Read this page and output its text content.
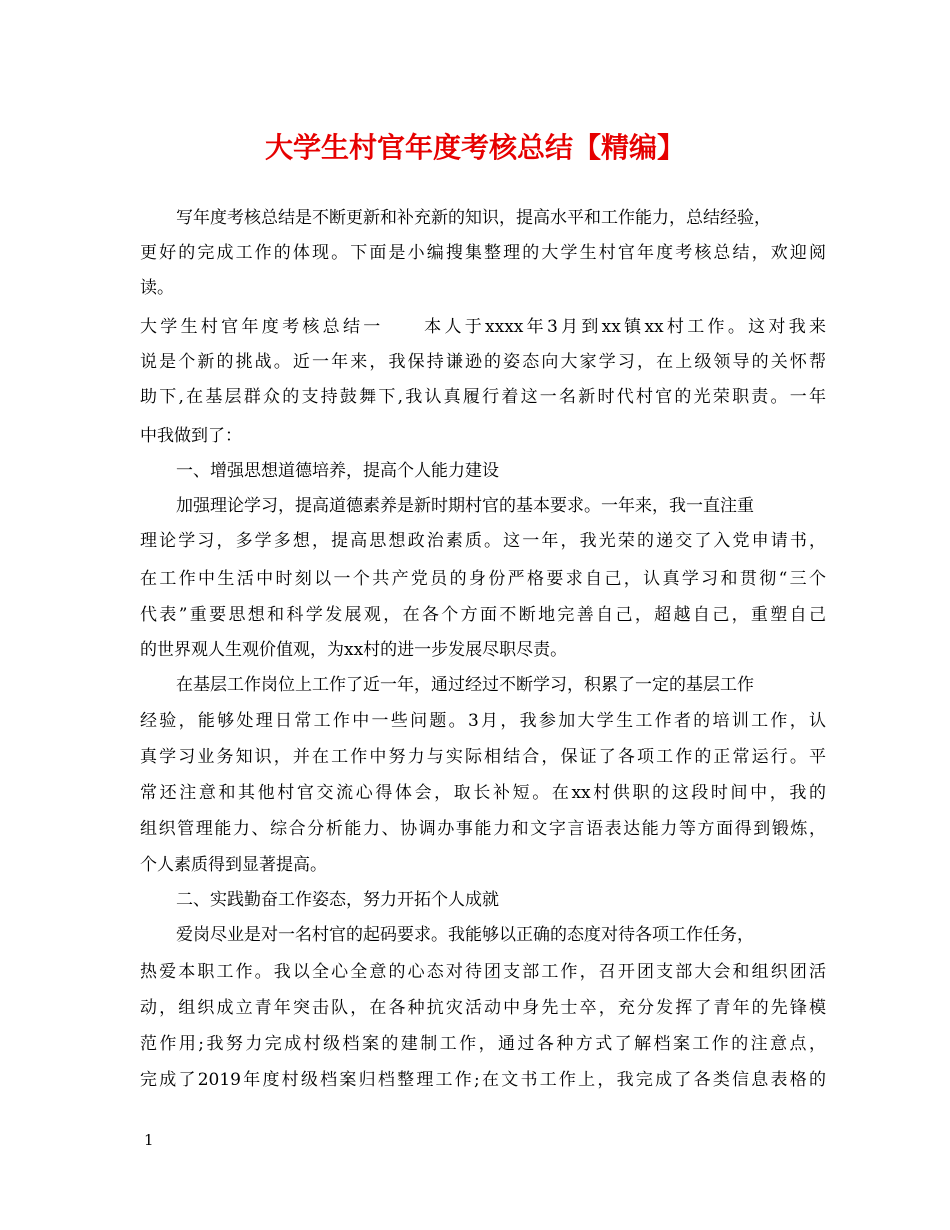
大学生村官年度考核总结【精编】
写年度考核总结是不断更新和补充新的知识，提高水平和工作能力，总结经验，
更好的完成工作的体现。下面是小编搜集整理的大学生村官年度考核总结，欢迎阅
读。
大学生村官年度考核总结一　　本人于xxxx年3月到xx镇xx村工作。这对我来
说是个新的挑战。近一年来，我保持谦逊的姿态向大家学习，在上级领导的关怀帮
助下,在基层群众的支持鼓舞下,我认真履行着这一名新时代村官的光荣职责。一年
中我做到了：
一、增强思想道德培养，提高个人能力建设
加强理论学习，提高道德素养是新时期村官的基本要求。一年来，我一直注重
理论学习，多学多想，提高思想政治素质。这一年，我光荣的递交了入党申请书，
在工作中生活中时刻以一个共产党员的身份严格要求自己，认真学习和贯彻“三个
代表”重要思想和科学发展观，在各个方面不断地完善自己，超越自己，重塑自己
的世界观人生观价值观，为xx村的进一步发展尽职尽责。
在基层工作岗位上工作了近一年，通过经过不断学习，积累了一定的基层工作
经验，能够处理日常工作中一些问题。3月，我参加大学生工作者的培训工作，认
真学习业务知识，并在工作中努力与实际相结合，保证了各项工作的正常运行。平
常还注意和其他村官交流心得体会，取长补短。在xx村供职的这段时间中，我的
组织管理能力、综合分析能力、协调办事能力和文字言语表达能力等方面得到锻炼，
个人素质得到显著提高。
二、实践勤奋工作姿态，努力开拓个人成就
爱岗尽业是对一名村官的起码要求。我能够以正确的态度对待各项工作任务，
热爱本职工作。我以全心全意的心态对待团支部工作，召开团支部大会和组织团活
动，组织成立青年突击队，在各种抗灾活动中身先士卒，充分发挥了青年的先锋模
范作用;我努力完成村级档案的建制工作，通过各种方式了解档案工作的注意点，
完成了2019年度村级档案归档整理工作;在文书工作上，我完成了各类信息表格的
1
